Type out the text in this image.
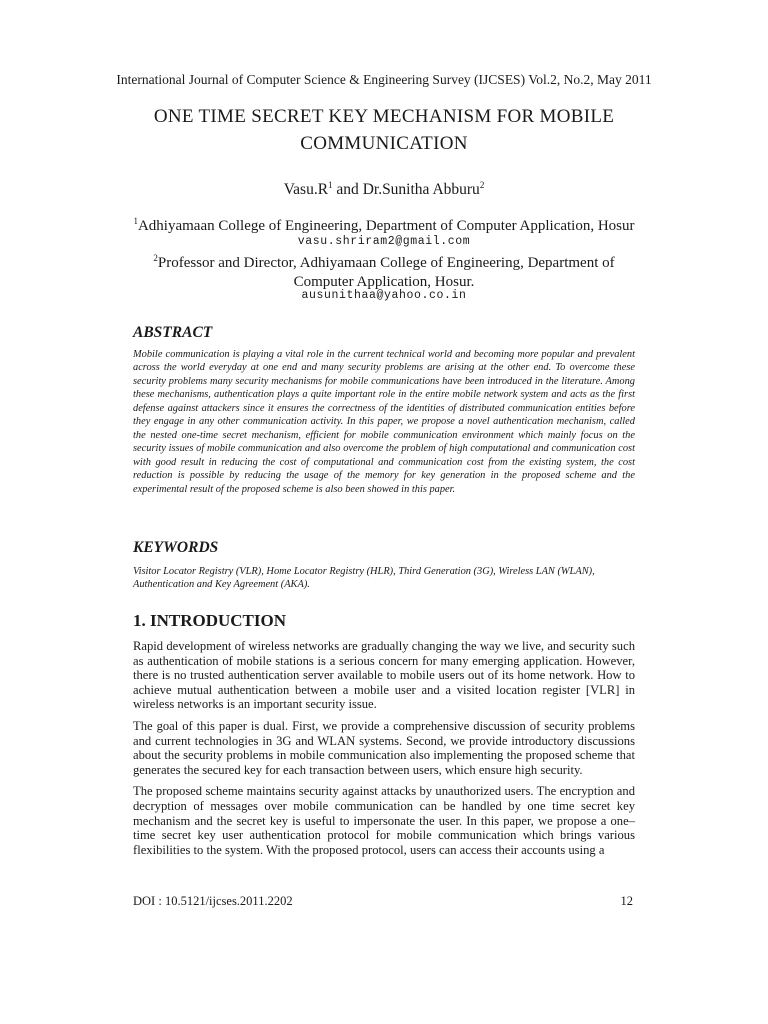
International Journal of Computer Science & Engineering Survey (IJCSES) Vol.2, No.2, May 2011
ONE TIME SECRET KEY MECHANISM FOR MOBILE
COMMUNICATION
$Vasu.R^1$ and Dr.Sunitha Abburu$^2$
$^1$Adhiyamaan College of Engineering, Department of Computer Application, Hosur
vasu.shriram2@gmail.com
$^2$Professor and Director, Adhiyamaan College of Engineering, Department of Computer Application, Hosur.
ausunithaa@yahoo.co.in
ABSTRACT

Mobile communication is playing a vital role in the current technical world and becoming more popular and prevalent across the world everyday at one end and many security problems are arising at the other end. To overcome these security problems many security mechanisms for mobile communications have been introduced in the literature. Among these mechanisms, authentication plays a quite important role in the entire mobile network system and acts as the first defense against attackers since it ensures the correctness of the identities of distributed communication entities before they engage in any other communication activity. In this paper, we propose a novel authentication mechanism, called the nested one-time secret mechanism, efficient for mobile communication environment which mainly focus on the security issues of mobile communication and also overcome the problem of high computational and communication cost with good result in reducing the cost of computational and communication cost from the existing system, the cost reduction is possible by reducing the usage of the memory for key generation in the proposed scheme and the experimental result of the proposed scheme is also been showed in this paper.

KEYWORDS

Visitor Locator Registry (VLR), Home Locator Registry (HLR), Third Generation (3G), Wireless LAN (WLAN), Authentication and Key Agreement (AKA).

1. INTRODUCTION

Rapid development of wireless networks are gradually changing the way we live, and security such as authentication of mobile stations is a serious concern for many emerging application. However, there is no trusted authentication server available to mobile users out of its home network. How to achieve mutual authentication between a mobile user and a visited location register [VLR] in wireless networks is an important security issue.

The goal of this paper is dual. First, we provide a comprehensive discussion of security problems and current technologies in 3G and WLAN systems. Second, we provide introductory discussions about the security problems in mobile communication also implementing the proposed scheme that generates the secured key for each transaction between users, which ensure high security.

The proposed scheme maintains security against attacks by unauthorized users. The encryption and decryption of messages over mobile communication can be handled by one time secret key mechanism and the secret key is useful to impersonate the user. In this paper, we propose a one–time secret key user authentication protocol for mobile communication which brings various flexibilities to the system. With the proposed protocol, users can access their accounts using a

DOI : 10.5121/ijcses.2011.2202	12
